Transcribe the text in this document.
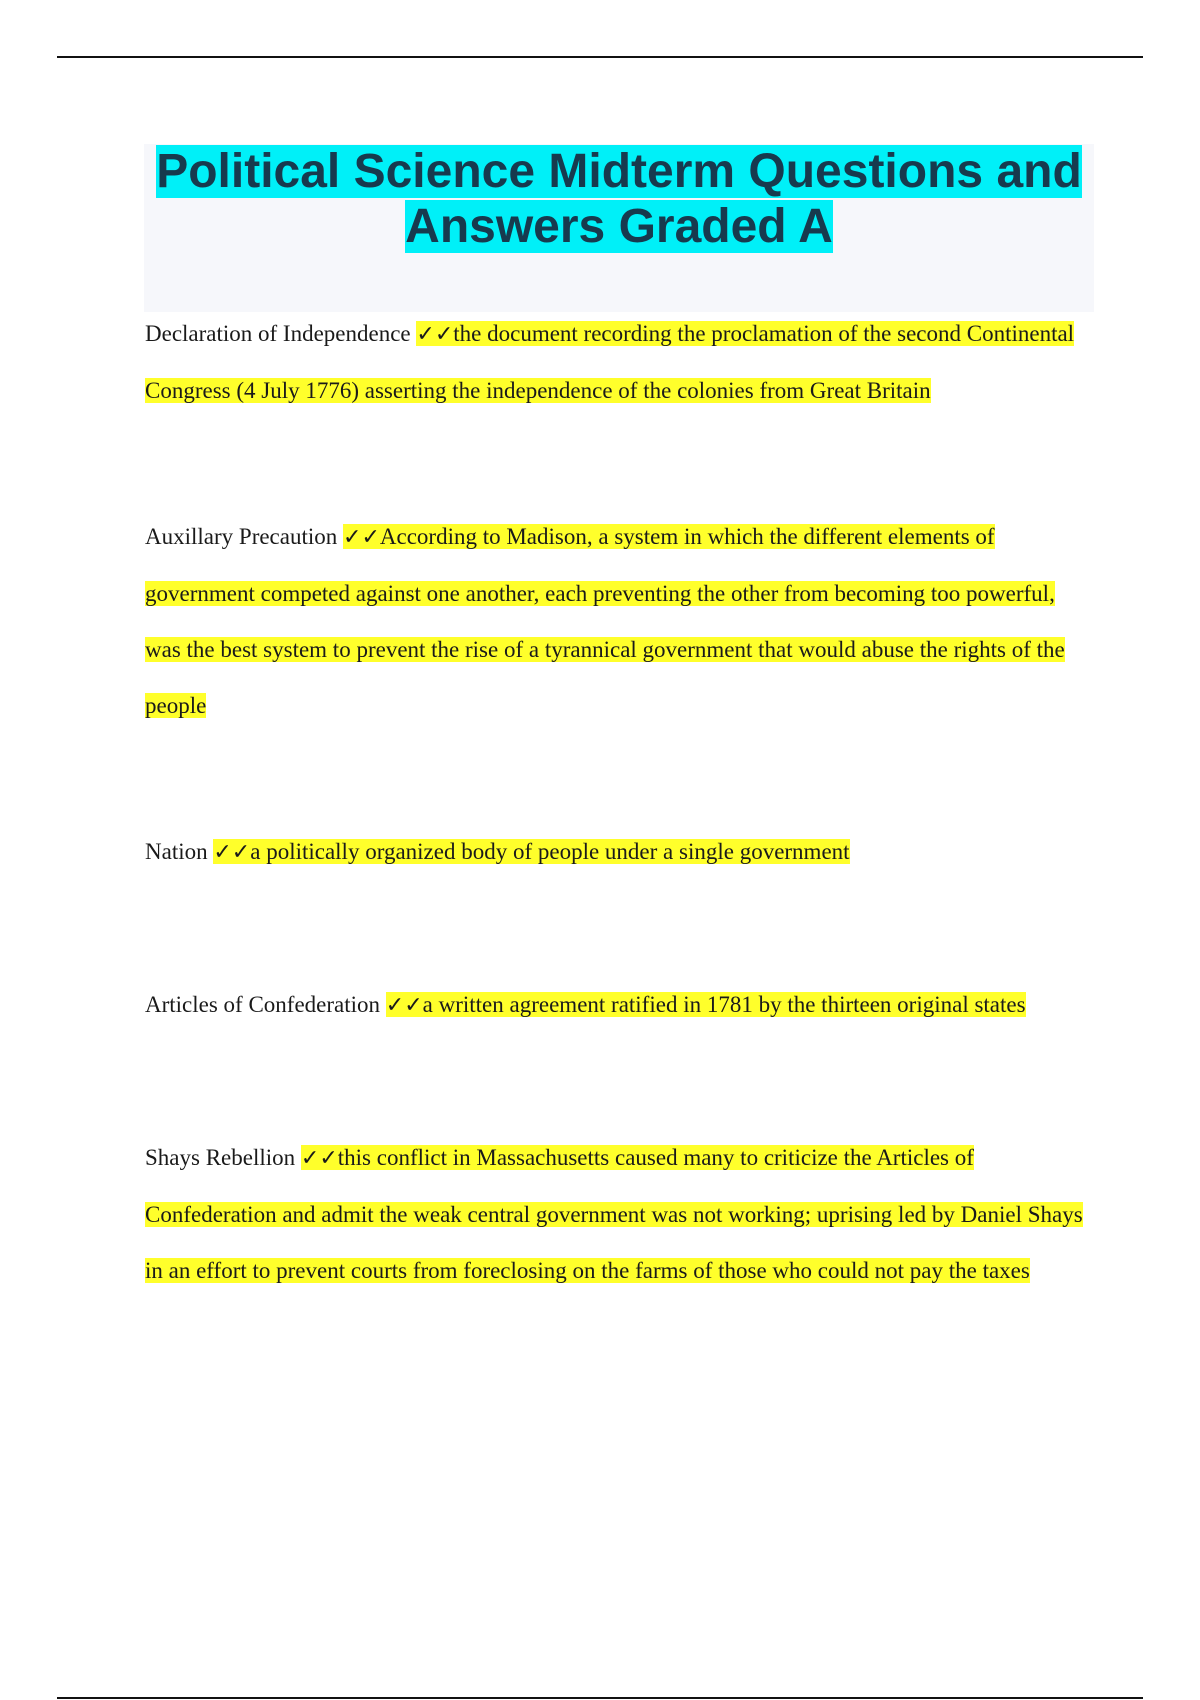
Political Science Midterm Questions and Answers Graded A

Declaration of Independence ✓✓the document recording the proclamation of the second Continental Congress (4 July 1776) asserting the independence of the colonies from Great Britain

Auxillary Precaution ✓✓According to Madison, a system in which the different elements of government competed against one another, each preventing the other from becoming too powerful, was the best system to prevent the rise of a tyrannical government that would abuse the rights of the people

Nation ✓✓a politically organized body of people under a single government

Articles of Confederation ✓✓a written agreement ratified in 1781 by the thirteen original states

Shays Rebellion ✓✓this conflict in Massachusetts caused many to criticize the Articles of Confederation and admit the weak central government was not working; uprising led by Daniel Shays in an effort to prevent courts from foreclosing on the farms of those who could not pay the taxes
